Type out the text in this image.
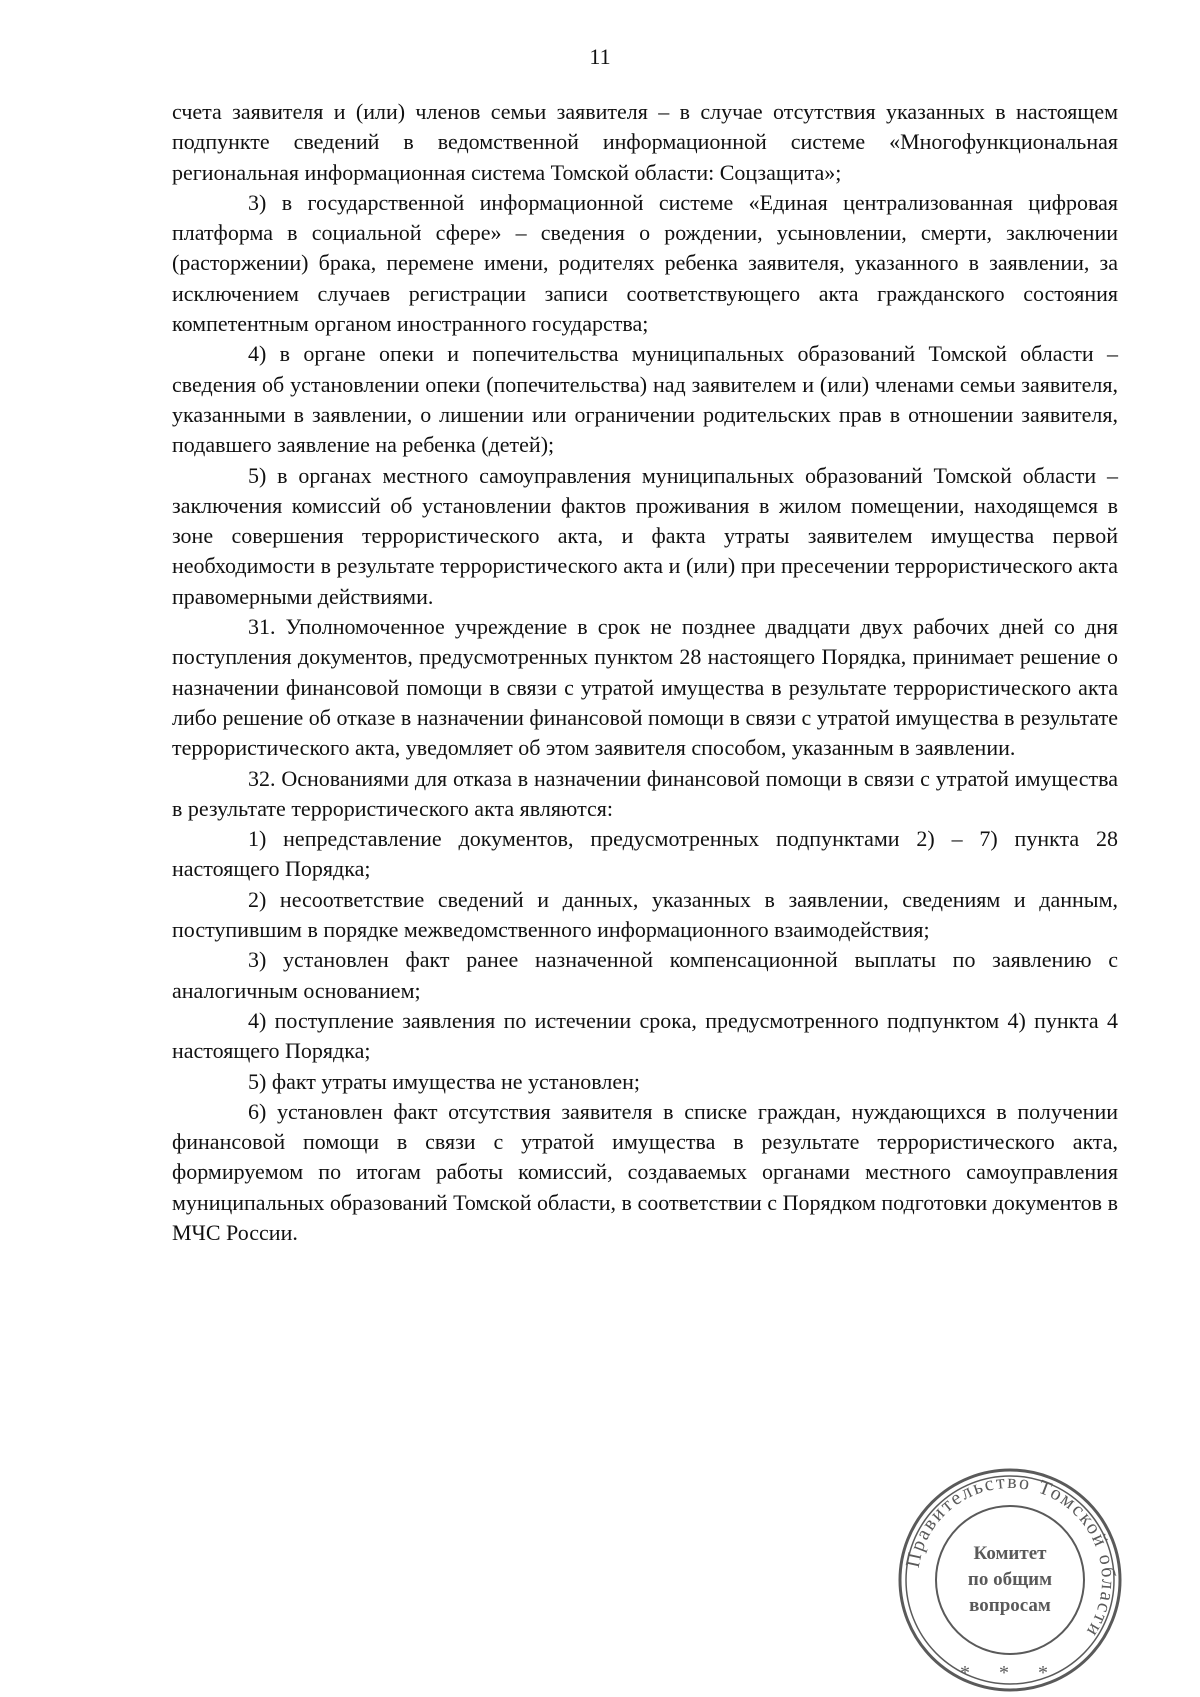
11

счета заявителя и (или) членов семьи заявителя – в случае отсутствия указанных в настоящем подпункте сведений в ведомственной информационной системе «Многофункциональная региональная информационная система Томской области: Соцзащита»;

3) в государственной информационной системе «Единая централизованная цифровая платформа в социальной сфере» – сведения о рождении, усыновлении, смерти, заключении (расторжении) брака, перемене имени, родителях ребенка заявителя, указанного в заявлении, за исключением случаев регистрации записи соответствующего акта гражданского состояния компетентным органом иностранного государства;

4) в органе опеки и попечительства муниципальных образований Томской области – сведения об установлении опеки (попечительства) над заявителем и (или) членами семьи заявителя, указанными в заявлении, о лишении или ограничении родительских прав в отношении заявителя, подавшего заявление на ребенка (детей);

5) в органах местного самоуправления муниципальных образований Томской области – заключения комиссий об установлении фактов проживания в жилом помещении, находящемся в зоне совершения террористического акта, и факта утраты заявителем имущества первой необходимости в результате террористического акта и (или) при пресечении террористического акта правомерными действиями.

31. Уполномоченное учреждение в срок не позднее двадцати двух рабочих дней со дня поступления документов, предусмотренных пунктом 28 настоящего Порядка, принимает решение о назначении финансовой помощи в связи с утратой имущества в результате террористического акта либо решение об отказе в назначении финансовой помощи в связи с утратой имущества в результате террористического акта, уведомляет об этом заявителя способом, указанным в заявлении.

32. Основаниями для отказа в назначении финансовой помощи в связи с утратой имущества в результате террористического акта являются:

1) непредставление документов, предусмотренных подпунктами 2) – 7) пункта 28 настоящего Порядка;

2) несоответствие сведений и данных, указанных в заявлении, сведениям и данным, поступившим в порядке межведомственного информационного взаимодействия;

3) установлен факт ранее назначенной компенсационной выплаты по заявлению с аналогичным основанием;

4) поступление заявления по истечении срока, предусмотренного подпунктом 4) пункта 4 настоящего Порядка;

5) факт утраты имущества не установлен;

6) установлен факт отсутствия заявителя в списке граждан, нуждающихся в получении финансовой помощи в связи с утратой имущества в результате террористического акта, формируемом по итогам работы комиссий, создаваемых органами местного самоуправления муниципальных образований Томской области, в соответствии с Порядком подготовки документов в МЧС России.

Правительство Томской области
Комитет
по общим
вопросам
* * *
